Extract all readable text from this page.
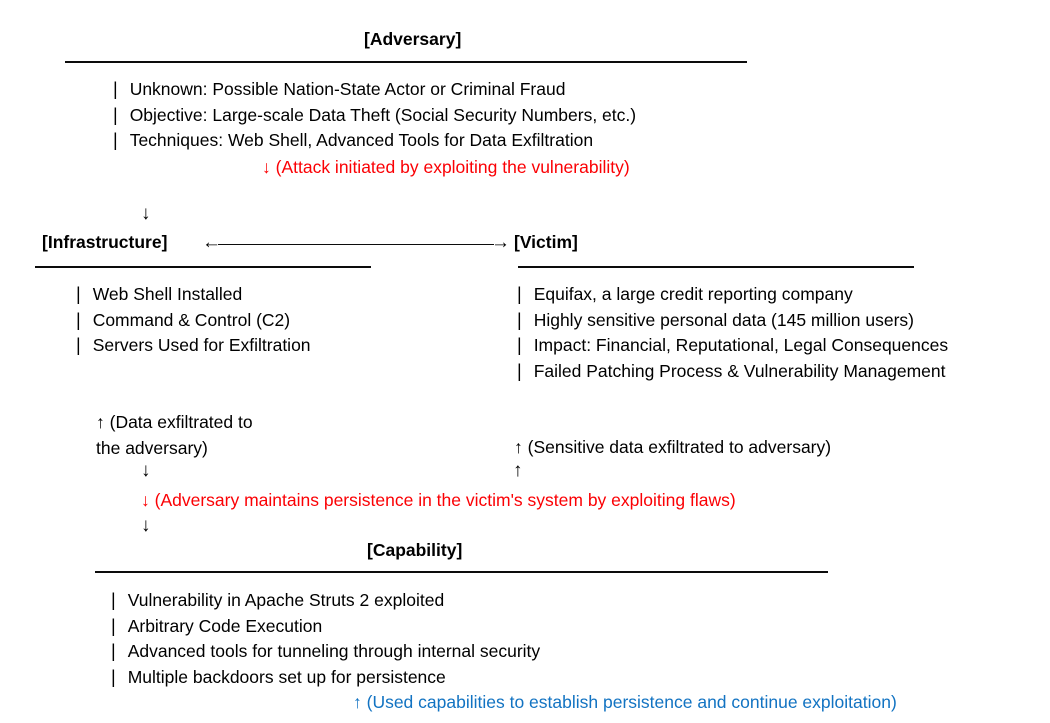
[Adversary]
| Unknown: Possible Nation-State Actor or Criminal Fraud
| Objective: Large-scale Data Theft (Social Security Numbers, etc.)
| Techniques: Web Shell, Advanced Tools for Data Exfiltration
↓ (Attack initiated by exploiting the vulnerability)
↓
[Infrastructure] ←	→ [Victim]
| Web Shell Installed
| Command & Control (C2)
| Servers Used for Exfiltration
| Equifax, a large credit reporting company
| Highly sensitive personal data (145 million users)
| Impact: Financial, Reputational, Legal Consequences
| Failed Patching Process & Vulnerability Management
↑ (Data exfiltrated to
the adversary)	↑ (Sensitive data exfiltrated to adversary)
↓	↑
↓ (Adversary maintains persistence in the victim's system by exploiting flaws)
↓
[Capability]
| Vulnerability in Apache Struts 2 exploited
| Arbitrary Code Execution
| Advanced tools for tunneling through internal security
| Multiple backdoors set up for persistence
↑ (Used capabilities to establish persistence and continue exploitation)
